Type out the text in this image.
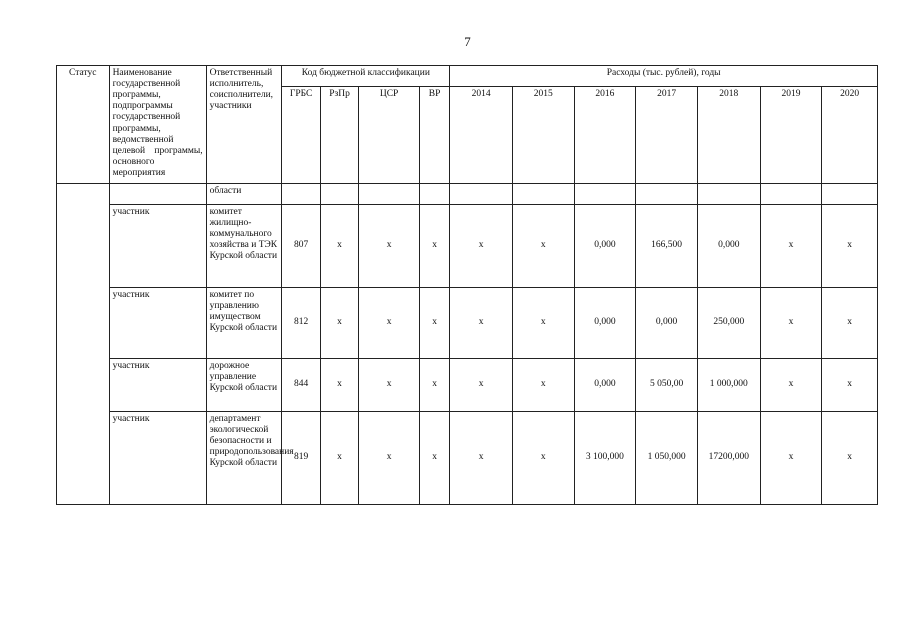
7
Статус	Наименование государственной программы, подпрограммы государственной программы, ведомственной целевой программы, основного мероприятия	Ответственный исполнитель, соисполнители, участники	Код бюджетной классификации				Расходы (тыс. рублей), годы						
			ГРБС	РзПр	ЦСР	ВР	2014	2015	2016	2017	2018	2019	2020
		области											
	участник	комитет жилищно-коммунального хозяйства и ТЭК Курской области	807	x	x	x	x	x	0,000	166,500	0,000	x	x
	участник	комитет по управлению имуществом Курской области	812	x	x	x	x	x	0,000	0,000	250,000	x	x
	участник	дорожное управление Курской области	844	x	x	x	x	x	0,000	5 050,00	1 000,000	x	x
	участник	департамент экологической безопасности и природопользования Курской области	819	x	x	x	x	x	3 100,000	1 050,000	17200,000	x	x
